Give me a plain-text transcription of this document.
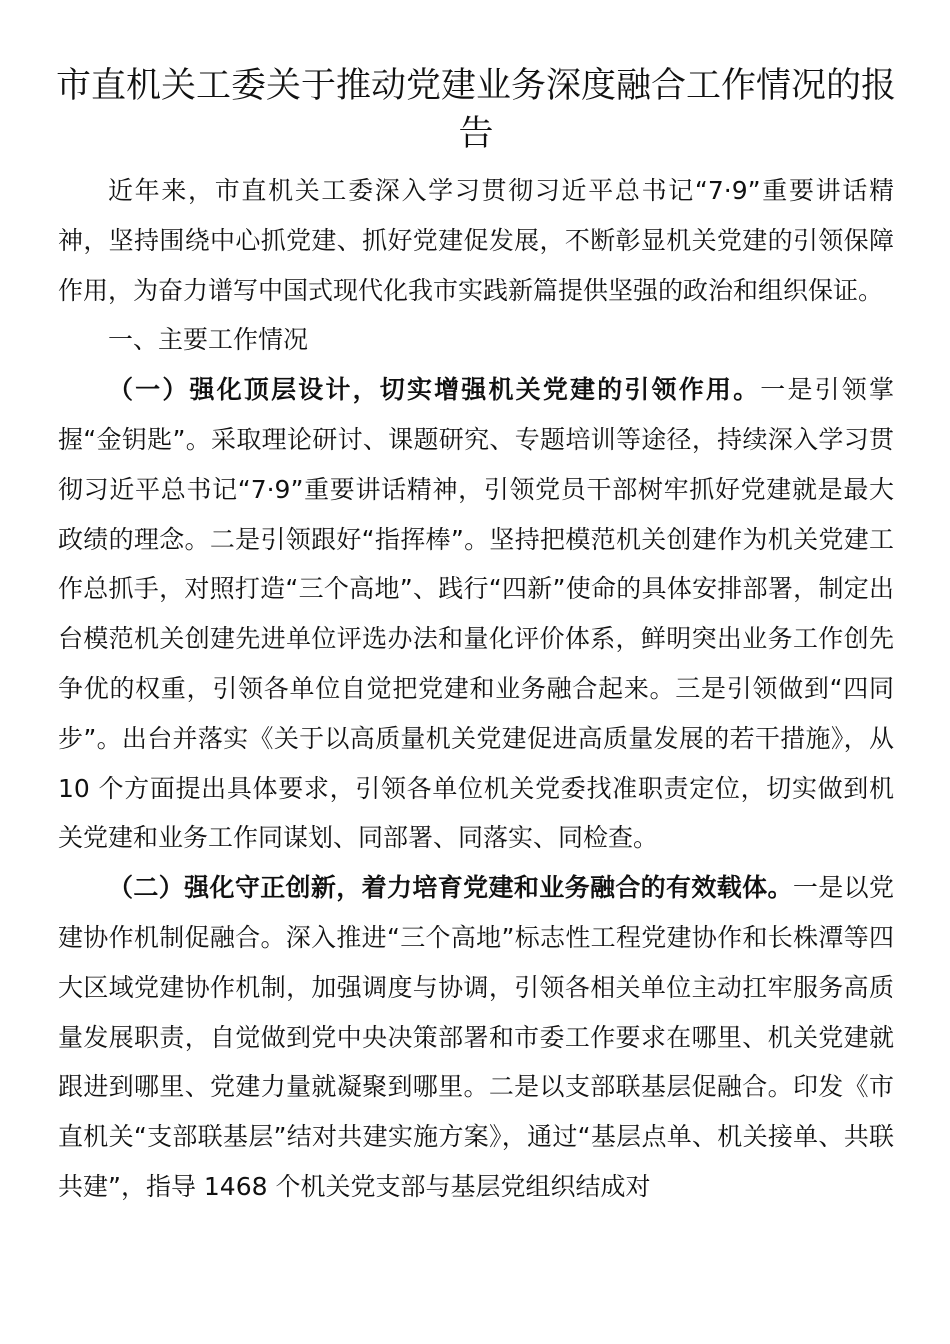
市直机关工委关于推动党建业务深度融合工作情况的报告

近年来，市直机关工委深入学习贯彻习近平总书记“7·9”重要讲话精神，坚持围绕中心抓党建、抓好党建促发展，不断彰显机关党建的引领保障作用，为奋力谱写中国式现代化我市实践新篇提供坚强的政治和组织保证。

一、主要工作情况

（一）强化顶层设计，切实增强机关党建的引领作用。一是引领掌握“金钥匙”。采取理论研讨、课题研究、专题培训等途径，持续深入学习贯彻习近平总书记“7·9”重要讲话精神，引领党员干部树牢抓好党建就是最大政绩的理念。二是引领跟好“指挥棒”。坚持把模范机关创建作为机关党建工作总抓手，对照打造“三个高地”、践行“四新”使命的具体安排部署，制定出台模范机关创建先进单位评选办法和量化评价体系，鲜明突出业务工作创先争优的权重，引领各单位自觉把党建和业务融合起来。三是引领做到“四同步”。出台并落实《关于以高质量机关党建促进高质量发展的若干措施》，从 10 个方面提出具体要求，引领各单位机关党委找准职责定位，切实做到机关党建和业务工作同谋划、同部署、同落实、同检查。

（二）强化守正创新，着力培育党建和业务融合的有效载体。一是以党建协作机制促融合。深入推进“三个高地”标志性工程党建协作和长株潭等四大区域党建协作机制，加强调度与协调，引领各相关单位主动扛牢服务高质量发展职责，自觉做到党中央决策部署和市委工作要求在哪里、机关党建就跟进到哪里、党建力量就凝聚到哪里。二是以支部联基层促融合。印发《市直机关“支部联基层”结对共建实施方案》，通过“基层点单、机关接单、共联共建”，指导 1468 个机关党支部与基层党组织结成对
